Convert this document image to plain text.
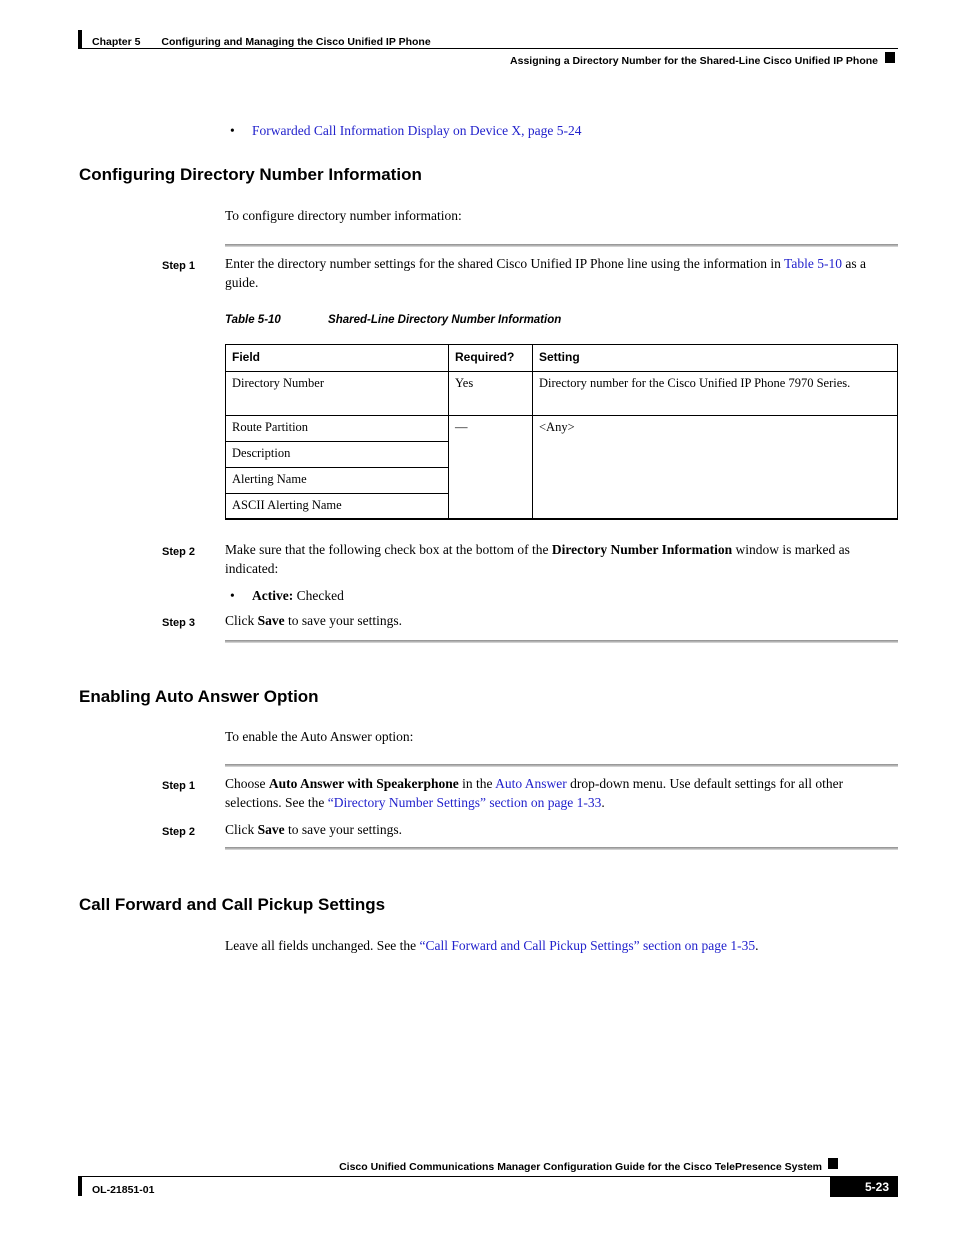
Chapter 5 Configuring and Managing the Cisco Unified IP Phone
Assigning a Directory Number for the Shared-Line Cisco Unified IP Phone
• Forwarded Call Information Display on Device X, page 5-24
Configuring Directory Number Information
To configure directory number information:
Step 1	Enter the directory number settings for the shared Cisco Unified IP Phone line using the information in Table 5-10 as a guide.
Table 5-10	Shared-Line Directory Number Information
Field	Required?	Setting
Directory Number	Yes	Directory number for the Cisco Unified IP Phone 7970 Series.
Route Partition	—	<Any>
Description		
Alerting Name		
ASCII Alerting Name		
Step 2	Make sure that the following check box at the bottom of the Directory Number Information window is marked as indicated:
• Active: Checked
Step 3	Click Save to save your settings.
Enabling Auto Answer Option
To enable the Auto Answer option:
Step 1	Choose Auto Answer with Speakerphone in the Auto Answer drop-down menu. Use default settings for all other selections. See the “Directory Number Settings” section on page 1-33.
Step 2	Click Save to save your settings.
Call Forward and Call Pickup Settings
Leave all fields unchanged. See the “Call Forward and Call Pickup Settings” section on page 1-35.
Cisco Unified Communications Manager Configuration Guide for the Cisco TelePresence System
OL-21851-01	5-23
